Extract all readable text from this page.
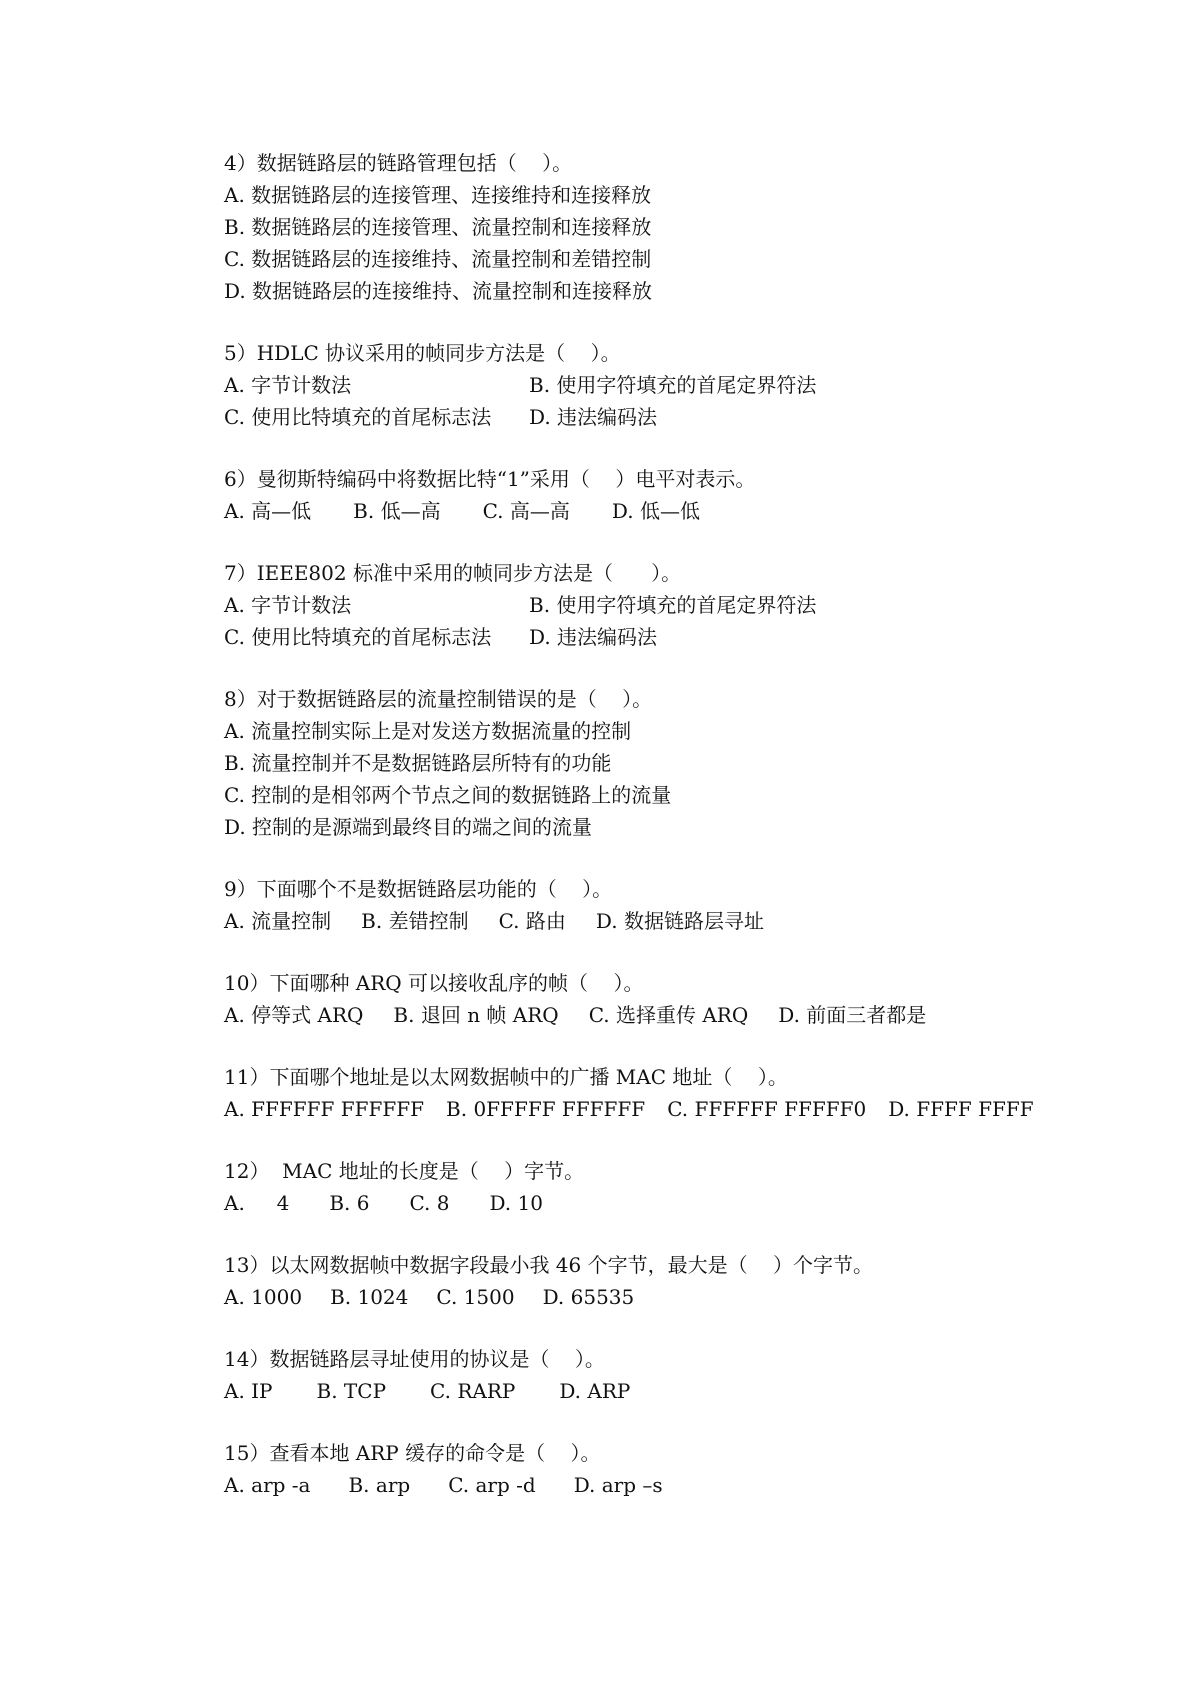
4）数据链路层的链路管理包括（    ）。
A. 数据链路层的连接管理、连接维持和连接释放
B. 数据链路层的连接管理、流量控制和连接释放
C. 数据链路层的连接维持、流量控制和差错控制
D. 数据链路层的连接维持、流量控制和连接释放
5）HDLC 协议采用的帧同步方法是（    ）。
A. 字节计数法	B. 使用字符填充的首尾定界符法
C. 使用比特填充的首尾标志法	D. 违法编码法
6）曼彻斯特编码中将数据比特“1”采用（    ）电平对表示。
A. 高—低 B. 低—高 C. 高—高 D. 低—低
7）IEEE802 标准中采用的帧同步方法是（      ）。
A. 字节计数法	B. 使用字符填充的首尾定界符法
C. 使用比特填充的首尾标志法	D. 违法编码法
8）对于数据链路层的流量控制错误的是（    ）。
A. 流量控制实际上是对发送方数据流量的控制
B. 流量控制并不是数据链路层所特有的功能
C. 控制的是相邻两个节点之间的数据链路上的流量
D. 控制的是源端到最终目的端之间的流量
9）下面哪个不是数据链路层功能的（    ）。
A. 流量控制 B. 差错控制 C. 路由 D. 数据链路层寻址
10）下面哪种 ARQ 可以接收乱序的帧（    ）。
A. 停等式 ARQ B. 退回 n 帧 ARQ C. 选择重传 ARQ D. 前面三者都是
11）下面哪个地址是以太网数据帧中的广播 MAC 地址（    ）。
A. FFFFFF FFFFFF B. 0FFFFF FFFFFF C. FFFFFF FFFFF0 D. FFFF FFFF
12）  MAC 地址的长度是（    ）字节。
A.     4 B. 6 C. 8 D. 10
13）以太网数据帧中数据字段最小我 46 个字节，最大是（    ）个字节。
A. 1000 B. 1024 C. 1500 D. 65535
14）数据链路层寻址使用的协议是（    ）。
A. IP B. TCP C. RARP D. ARP
15）查看本地 ARP 缓存的命令是（    ）。
A. arp -a B. arp C. arp -d D. arp –s
